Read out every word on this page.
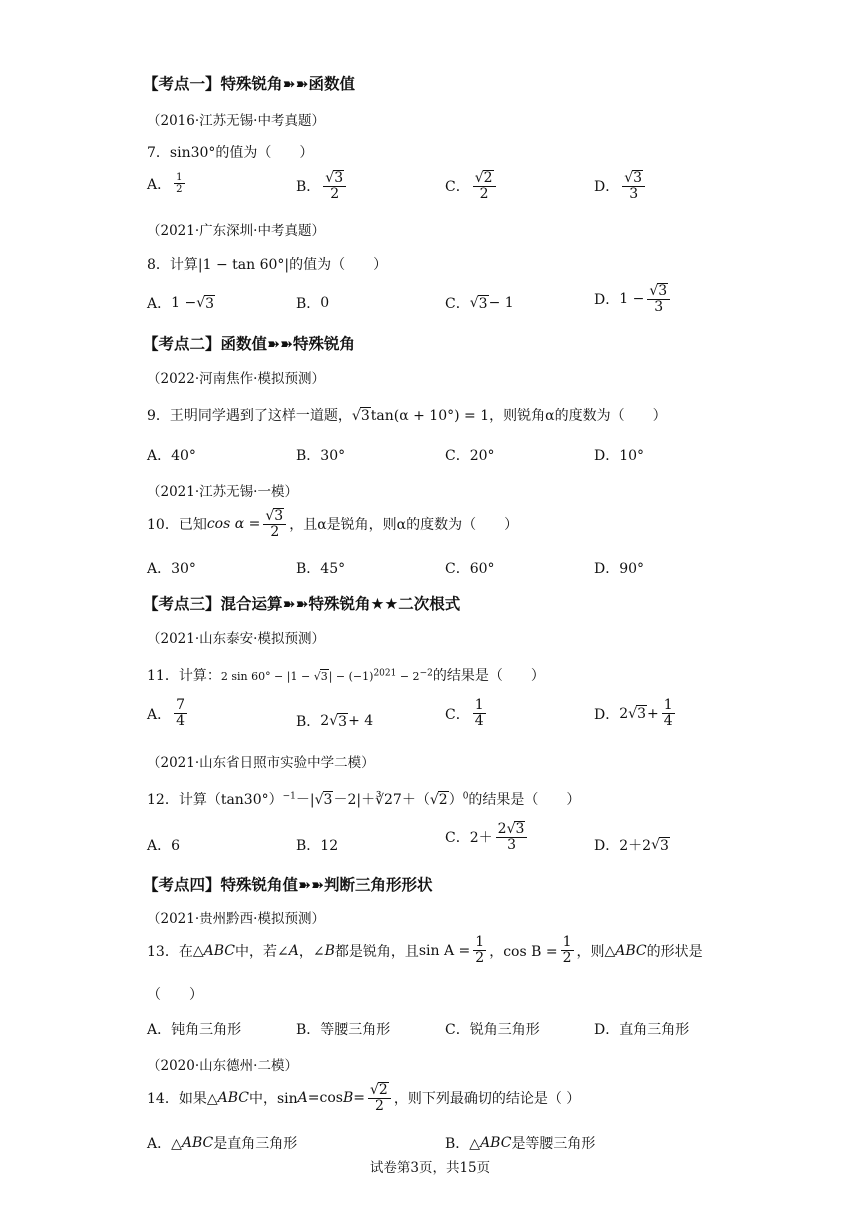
【考点一】特殊锐角➽➽函数值
（2016·江苏无锡·中考真题）
7．sin30°的值为（　　）
A． $\frac{1}{2}$	B． $\frac{√3}{2}$	C． $\frac{√2}{2}$	D． $\frac{√3}{3}$
（2021·广东深圳·中考真题）
8．计算|1 − tan 60°|的值为（　　）
A． 1 − √ 3	B． 0	C． √ 3 − 1	D． $1 - \frac{√3}{3}$
【考点二】函数值➽➽特殊锐角
（2022·河南焦作·模拟预测）
9．王明同学遇到了这样一道题，√3tan(α + 10°) = 1，则锐角α的度数为（　　）
A．40°	B．30°	C．20°	D．10°
（2021·江苏无锡·一模）
10．已知 $\cos \alpha = \frac{√3}{2}$ ，且α是锐角，则α的度数为（　　）
A．30°	B．45°	C．60°	D．90°
【考点三】混合运算➽➽特殊锐角★★二次根式
（2021·山东泰安·模拟预测）
11．计算：2 $\sin 60^\circ - |1 - √3| - (-1)^{2021} - 2^{-2}$的结果是（　　）
A． $\frac{7}{4}$	B． 2 √ 3 + 4	C． $\frac{1}{4}$	D． 2 √ $3 + \frac{1}{4}$
（2021·山东省日照市实验中学二模）
12．计算$(\tan 30^\circ)^{-1}-|√3-2|+∛27+(√2)^0$的结果是（　　）
A．6	B．12	C． $2+ \frac{2√3}{3}$	D． 2＋2 √ 3
【考点四】特殊锐角值➽➽判断三角形形状
（2021·贵州黔西·模拟预测）
13．在 △ABC 中，若∠ A ，∠ B 都是锐角，且 $\sin A = \frac{1}{2}$ ，$\cos B = \frac{1}{2}$ ，则 △ABC 的形状是
（　　）
A．钝角三角形	B．等腰三角形	C．锐角三角形	D．直角三角形
（2020·山东德州·二模）
14．如果△ ABC 中，sin A =cos $B = \frac{√2}{2}$ ，则下列最确切的结论是（ ）
A．△ ABC 是直角三角形	B．△ ABC 是等腰三角形
试卷第3页，共15页
